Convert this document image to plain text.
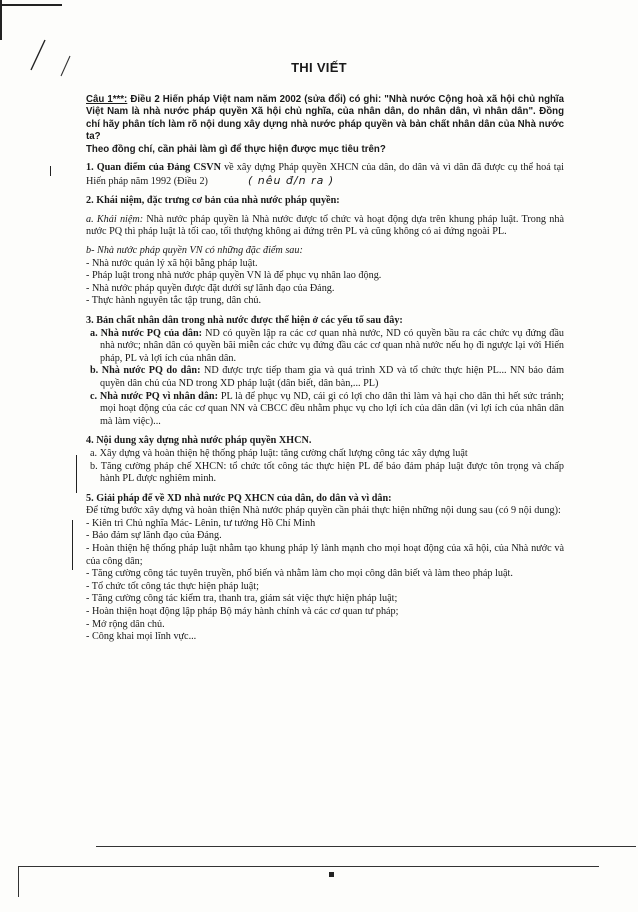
THI VIẾT
Câu 1***: Điều 2 Hiến pháp Việt nam năm 2002 (sửa đổi) có ghi: "Nhà nước Cộng hoà xã hội chủ nghĩa Việt Nam là nhà nước pháp quyền Xã hội chủ nghĩa, của nhân dân, do nhân dân, vì nhân dân". Đồng chí hãy phân tích làm rõ nội dung xây dựng nhà nước pháp quyền và bản chất nhân dân của Nhà nước ta?
Theo đồng chí, cần phải làm gì để thực hiện được mục tiêu trên?
1. Quan điểm của Đảng CSVN về xây dựng Pháp quyền XHCN của dân, do dân và vì dân đã được cụ thể hoá tại Hiến pháp năm 1992 (Điều 2)	( nêu đ/n ra )
2. Khái niệm, đặc trưng cơ bản của nhà nước pháp quyền:
a. Khái niệm: Nhà nước pháp quyền là Nhà nước được tổ chức và hoạt động dựa trên khung pháp luật. Trong nhà nước PQ thì pháp luật là tối cao, tối thượng không ai đứng trên PL và cũng không có ai đứng ngoài PL.
b- Nhà nước pháp quyền VN có những đặc điểm sau:
- Nhà nước quản lý xã hội bằng pháp luật.
- Pháp luật trong nhà nước pháp quyền VN là để phục vụ nhân lao động.
- Nhà nước pháp quyền được đặt dưới sự lãnh đạo của Đảng.
- Thực hành nguyên tắc tập trung, dân chủ.
3. Bản chất nhân dân trong nhà nước được thể hiện ở các yếu tố sau đây:
a. Nhà nước PQ của dân: ND có quyền lập ra các cơ quan nhà nước, ND có quyền bầu ra các chức vụ đứng đầu nhà nước; nhân dân có quyền bãi miễn các chức vụ đứng đầu các cơ quan nhà nước nếu họ đi ngược lại với Hiến pháp, PL và lợi ích của nhân dân.
b. Nhà nước PQ do dân: ND được trực tiếp tham gia và quá trình XD và tổ chức thực hiện PL... NN bảo đảm quyền dân chủ của ND trong XD pháp luật (dân biết, dân bàn,... PL)
c. Nhà nước PQ vì nhân dân: PL là để phục vụ ND, cái gì có lợi cho dân thì làm và hại cho dân thì hết sức tránh; mọi hoạt động của các cơ quan NN và CBCC đều nhằm phục vụ cho lợi ích của dân dân (vì lợi ích của nhân dân mà làm việc)...
4. Nội dung xây dựng nhà nước pháp quyền XHCN.
a. Xây dựng và hoàn thiện hệ thống pháp luật: tăng cường chất lượng công tác xây dựng luật
b. Tăng cường pháp chế XHCN: tổ chức tốt công tác thực hiện PL để bảo đảm pháp luật được tôn trọng và chấp hành PL được nghiêm minh.
5. Giải pháp để về XD nhà nước PQ XHCN của dân, do dân và vì dân:
Để từng bước xây dựng và hoàn thiện Nhà nước pháp quyền cần phải thực hiện những nội dung sau (có 9 nội dung):
- Kiên trì Chủ nghĩa Mác- Lênin, tư tưởng Hồ Chí Minh
- Bảo đảm sự lãnh đạo của Đảng.
- Hoàn thiện hệ thống pháp luật nhằm tạo khung pháp lý lành mạnh cho mọi hoạt động của xã hội, của Nhà nước và của công dân;
- Tăng cường công tác tuyên truyền, phổ biến và nhằm làm cho mọi công dân biết và làm theo pháp luật.
- Tổ chức tốt công tác thực hiện pháp luật;
- Tăng cường công tác kiểm tra, thanh tra, giám sát việc thực hiện pháp luật;
- Hoàn thiện hoạt động lập pháp Bộ máy hành chính và các cơ quan tư pháp;
- Mở rộng dân chủ.
- Công khai mọi lĩnh vực...
